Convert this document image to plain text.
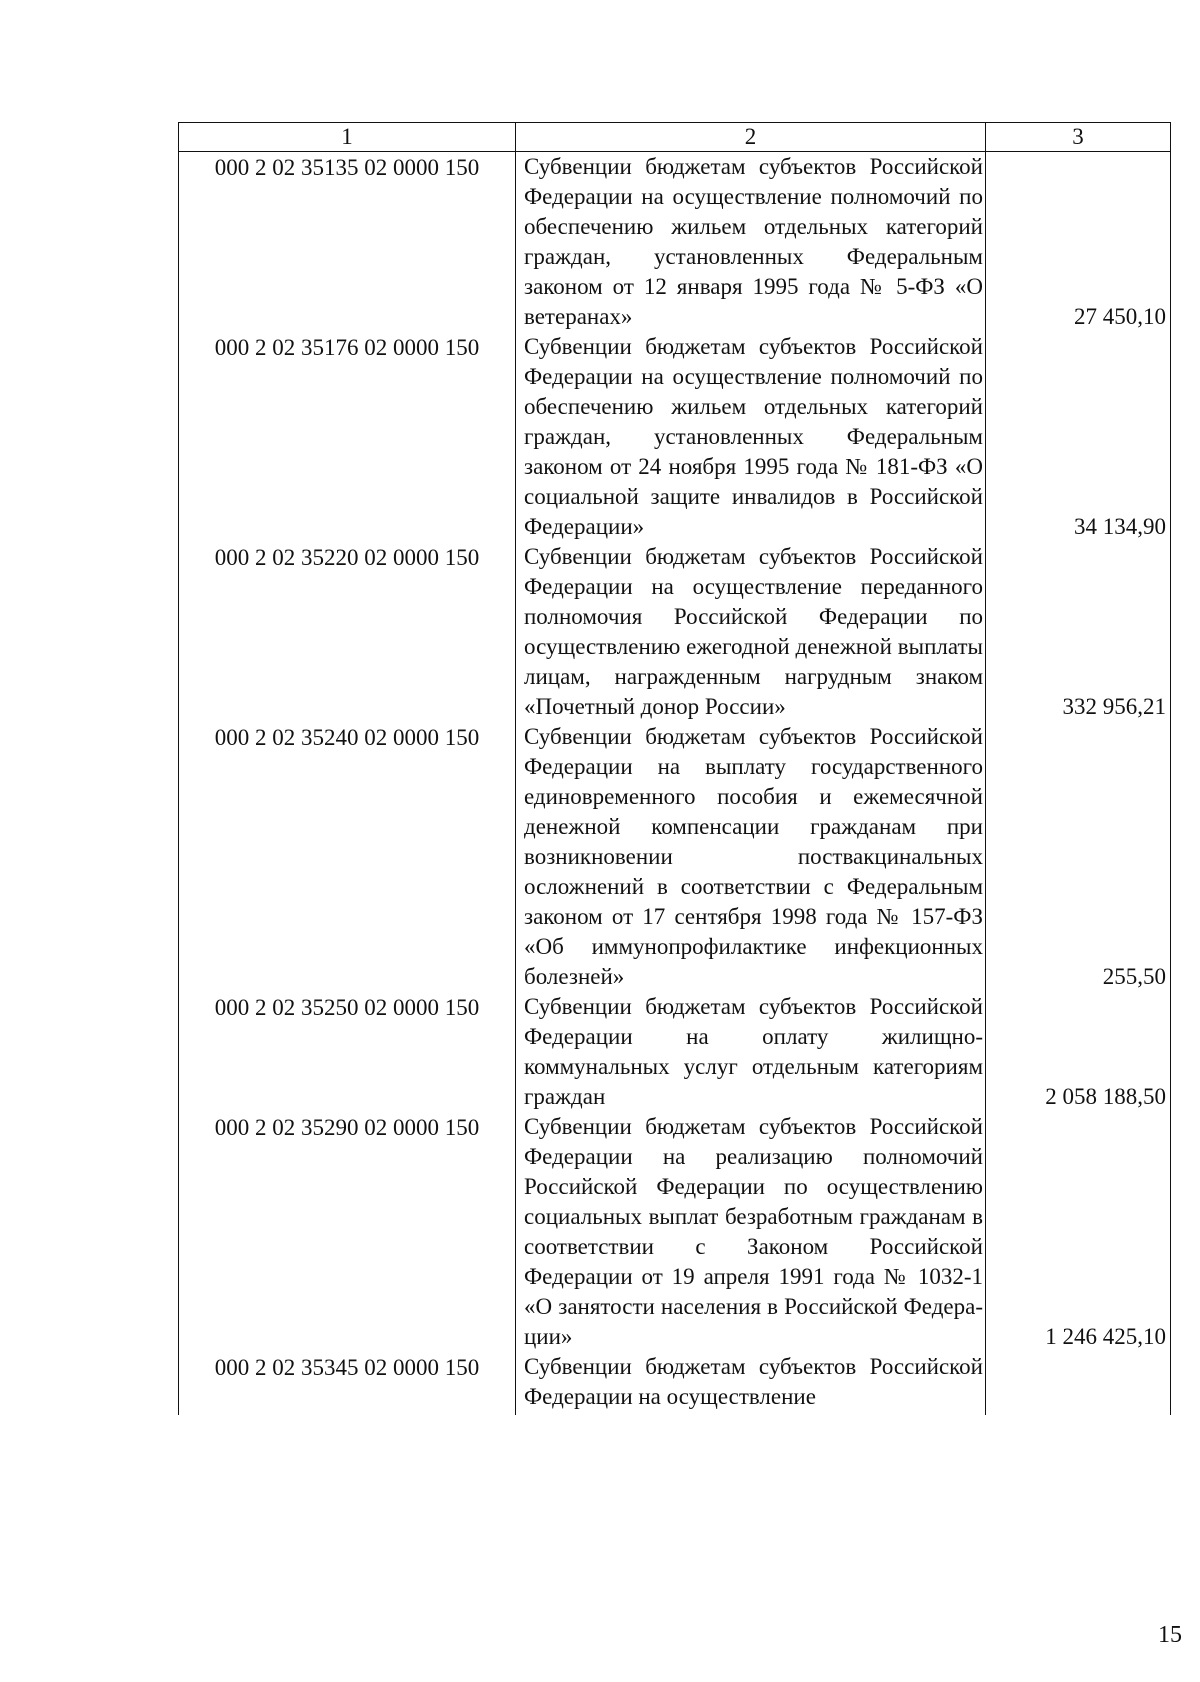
1	2	3
000 2 02 35135 02 0000 150	Субвенции бюджетам субъектов Российской Федерации на осуществление полномочий по обеспечению жильем отдельных категорий граждан, установленных Федеральным законом от 12 января 1995 года № 5-ФЗ «О ветеранах»	27 450,10
000 2 02 35176 02 0000 150	Субвенции бюджетам субъектов Российской Федерации на осуществление полномочий по обеспечению жильем отдельных категорий граждан, установленных Федеральным законом от 24 ноября 1995 года № 181-ФЗ «О социальной защите инвалидов в Российской Федерации»	34 134,90
000 2 02 35220 02 0000 150	Субвенции бюджетам субъектов Российской Федерации на осуществление переданного полномочия Российской Федерации по осуществлению ежегодной денежной выплаты лицам, награжденным нагрудным знаком «Почетный донор России»	332 956,21
000 2 02 35240 02 0000 150	Субвенции бюджетам субъектов Российской Федерации на выплату государственного единовременного пособия и ежемесячной денежной компенсации гражданам при возникновении поствакцинальных осложнений в соответствии с Федеральным законом от 17 сентября 1998 года № 157-ФЗ «Об иммунопрофилактике инфекционных болезней»	255,50
000 2 02 35250 02 0000 150	Субвенции бюджетам субъектов Российской Федерации на оплату жилищно-коммунальных услуг отдельным категориям граждан	2 058 188,50
000 2 02 35290 02 0000 150	Субвенции бюджетам субъектов Российской Федерации на реализацию полномочий Российской Федерации по осуществлению социальных выплат безработным гражданам в соответствии с Законом Российской Федерации от 19 апреля 1991 года № 1032-1 «О занятости населения в Российской Федерации»	1 246 425,10
000 2 02 35345 02 0000 150	Субвенции бюджетам субъектов Российской Федерации на осуществление	
15
